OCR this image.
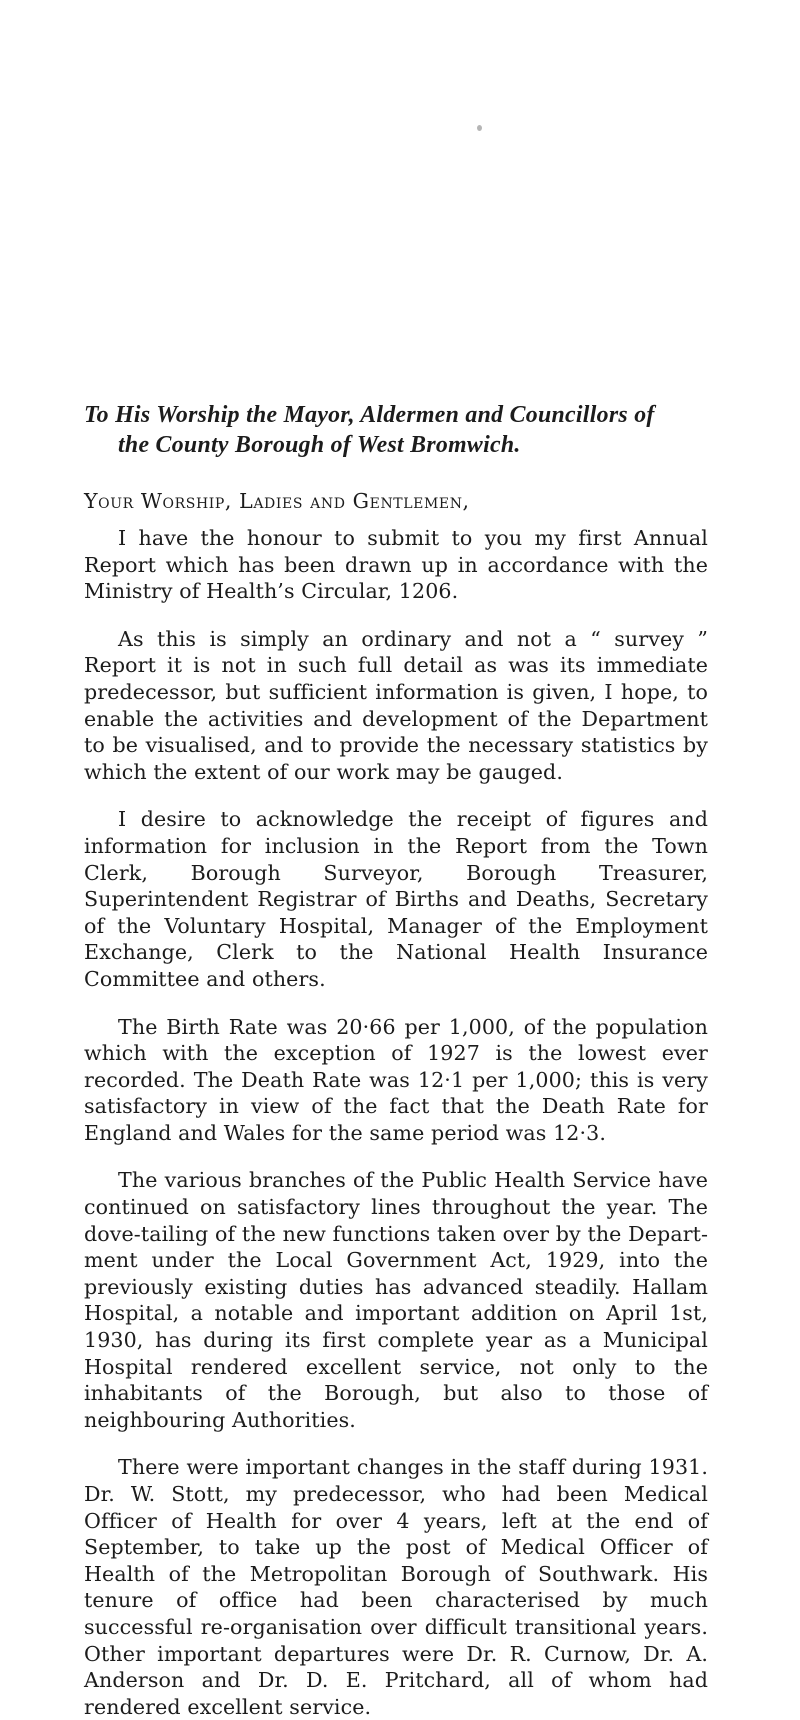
To His Worship the Mayor, Aldermen and Councillors of
the County Borough of West Bromwich.
Your Worship, Ladies and Gentlemen,

I have the honour to submit to you my first Annual Report which has been drawn up in accordance with the Ministry of Health’s Circular, 1206.

As this is simply an ordinary and not a “ survey ” Report it is not in such full detail as was its immediate predecessor, but sufficient information is given, I hope, to enable the activities and development of the Department to be visualised, and to provide the necessary statistics by which the extent of our work may be gauged.

I desire to acknowledge the receipt of figures and information for inclusion in the Report from the Town Clerk, Borough Surveyor, Borough Treasurer, Superintendent Registrar of Births and Deaths, Secretary of the Voluntary Hospital, Manager of the Employment Exchange, Clerk to the National Health Insurance Committee and others.

The Birth Rate was 20·66 per 1,000, of the population which with the exception of 1927 is the lowest ever recorded. The Death Rate was 12·1 per 1,000; this is very satisfactory in view of the fact that the Death Rate for England and Wales for the same period was 12·3.

The various branches of the Public Health Service have continued on satisfactory lines throughout the year. The dove-tailing of the new functions taken over by the Department under the Local Government Act, 1929, into the previously existing duties has advanced steadily. Hallam Hospital, a notable and important addition on April 1st, 1930, has during its first complete year as a Municipal Hospital rendered excellent service, not only to the inhabitants of the Borough, but also to those of neighbouring Authorities.

There were important changes in the staff during 1931. Dr. W. Stott, my predecessor, who had been Medical Officer of Health for over 4 years, left at the end of September, to take up the post of Medical Officer of Health of the Metropolitan Borough of Southwark. His tenure of office had been characterised by much successful re-organisation over difficult transitional years. Other important departures were Dr. R. Curnow, Dr. A. Anderson and Dr. D. E. Pritchard, all of whom had rendered excellent service.
